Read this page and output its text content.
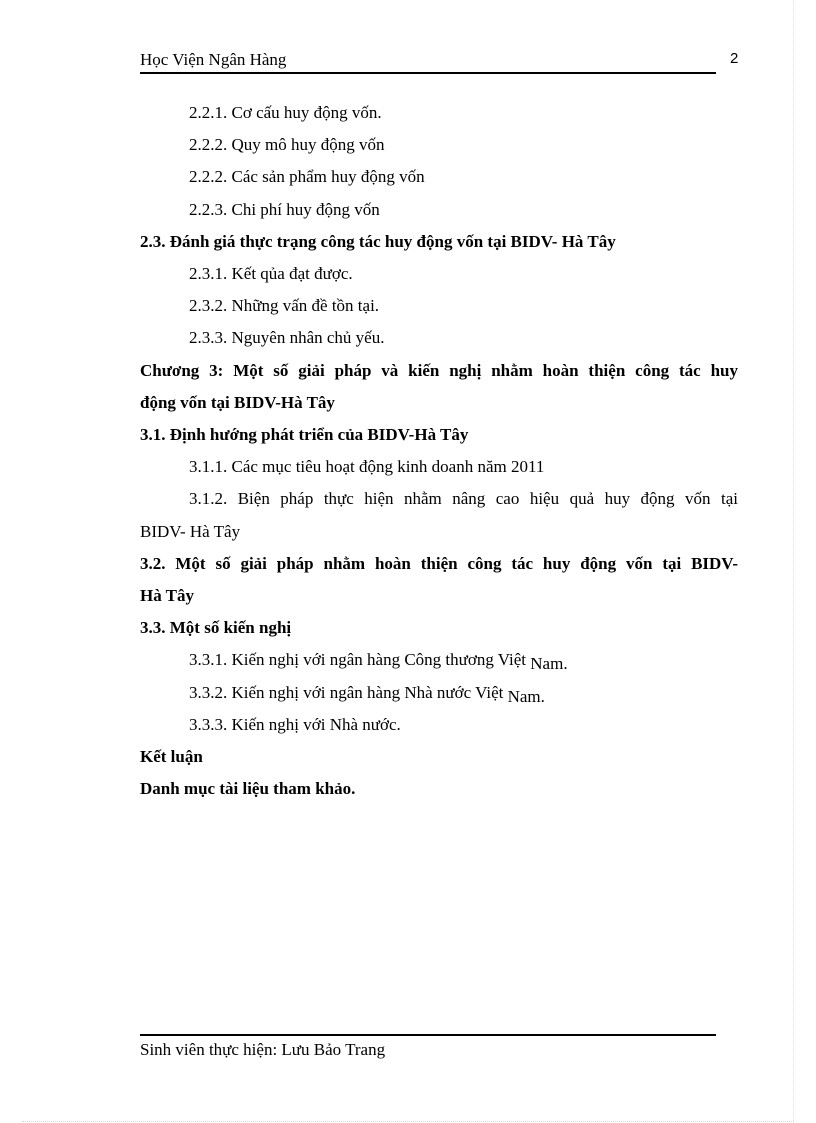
Học Viện Ngân Hàng	2
2.2.1. Cơ cấu huy động vốn.
2.2.2. Quy mô huy động vốn
2.2.2. Các sản phẩm huy động vốn
2.2.3. Chi phí huy động vốn
2.3. Đánh giá thực trạng công tác huy động vốn tại BIDV- Hà Tây
2.3.1. Kết qủa đạt được.
2.3.2. Những vấn đề tồn tại.
2.3.3. Nguyên nhân chủ yếu.
Chương 3: Một số giải pháp và kiến nghị nhằm hoàn thiện công tác huy
động vốn tại BIDV-Hà Tây
3.1. Định hướng phát triển của BIDV-Hà Tây
3.1.1. Các mục tiêu hoạt động kinh doanh năm 2011
3.1.2. Biện pháp thực hiện nhằm nâng cao hiệu quả huy động vốn tại
BIDV- Hà Tây
3.2. Một số giải pháp nhằm hoàn thiện công tác huy động vốn tại BIDV-
Hà Tây
3.3. Một số kiến nghị
3.3.1. Kiến nghị với ngân hàng Công thương Việt Nam.
3.3.2. Kiến nghị với ngân hàng Nhà nước Việt Nam.
3.3.3. Kiến nghị với Nhà nước.
Kết luận
Danh mục tài liệu tham khảo.
Sinh viên thực hiện: Lưu Bảo Trang
